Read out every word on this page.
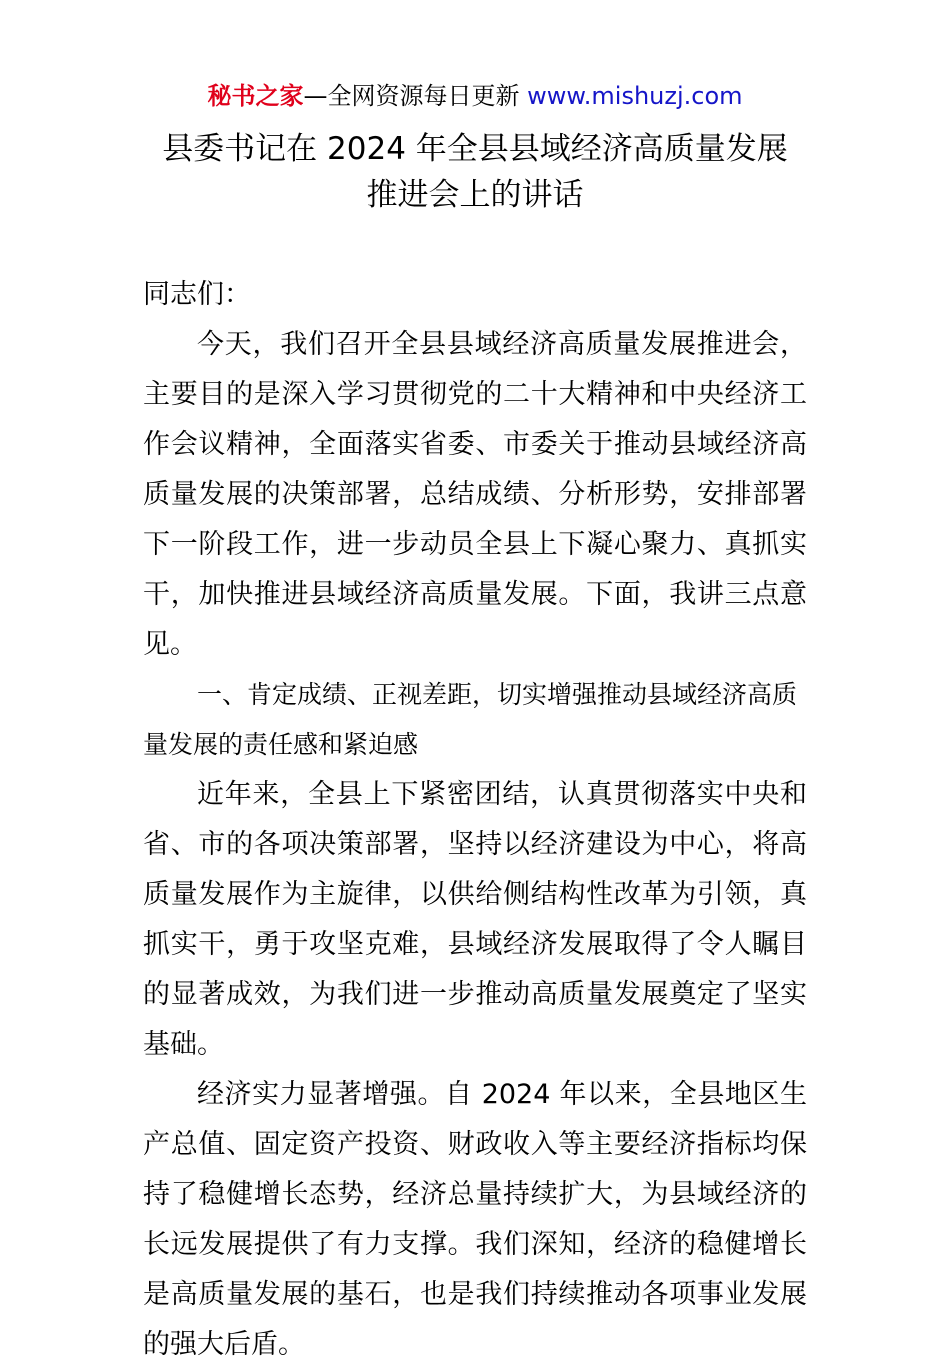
秘书之家—全网资源每日更新 www.mishuzj.com
县委书记在 2024 年全县县域经济高质量发展
推进会上的讲话

同志们：

今天，我们召开全县县域经济高质量发展推进会，主要目的是深入学习贯彻党的二十大精神和中央经济工作会议精神，全面落实省委、市委关于推动县域经济高质量发展的决策部署，总结成绩、分析形势，安排部署下一阶段工作，进一步动员全县上下凝心聚力、真抓实干，加快推进县域经济高质量发展。下面，我讲三点意见。

一、肯定成绩、正视差距，切实增强推动县域经济高质量发展的责任感和紧迫感

近年来，全县上下紧密团结，认真贯彻落实中央和省、市的各项决策部署，坚持以经济建设为中心，将高质量发展作为主旋律，以供给侧结构性改革为引领，真抓实干，勇于攻坚克难，县域经济发展取得了令人瞩目的显著成效，为我们进一步推动高质量发展奠定了坚实基础。

经济实力显著增强。自 2024 年以来，全县地区生产总值、固定资产投资、财政收入等主要经济指标均保持了稳健增长态势，经济总量持续扩大，为县域经济的长远发展提供了有力支撑。我们深知，经济的稳健增长是高质量发展的基石，也是我们持续推动各项事业发展的强大后盾。
